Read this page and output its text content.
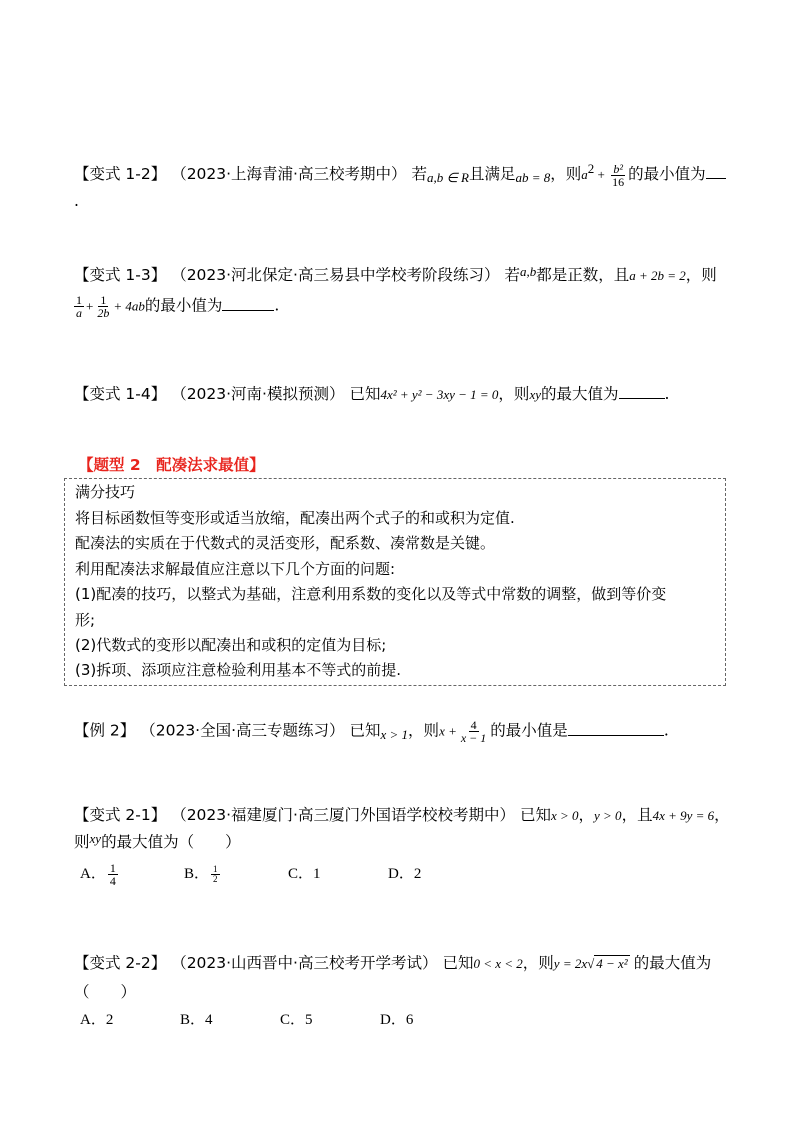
【变式 1-2】 （2023·上海青浦·高三校考期中） 若a,b ∈ R且满足ab = 8，则$a^2 + \frac{\text{b²}}{16}$ 的最小值为
.
【变式 1-3】 （2023·河北保定·高三易县中学校考阶段练习） 若$^{a,b}$都是正数，且a + 2b = 2，则
$\frac{1}{a} + \frac{1}{2b} + 4ab$的最小值为	.
【变式 1-4】 （2023·河南·模拟预测） 已知4x² + y² − 3xy − 1 = 0，则xy的最大值为	.
【题型 2　配凑法求最值】
满分技巧
将目标函数恒等变形或适当放缩，配凑出两个式子的和或积为定值.
配凑法的实质在于代数式的灵活变形，配系数、凑常数是关键。
利用配凑法求解最值应注意以下几个方面的问题:
(1)配凑的技巧，以整式为基础，注意利用系数的变化以及等式中常数的调整，做到等价变
形;
(2)代数式的变形以配凑出和或积的定值为目标;
(3)拆项、添项应注意检验利用基本不等式的前提.
【例 2】 （2023·全国·高三专题练习） 已知x > 1，则$x + \frac{4}{x - 1}$ 的最小值是	.
【变式 2-1】 （2023·福建厦门·高三厦门外国语学校校考期中） 已知x > 0，y > 0，且4x + 9y = 6，
则$^{xy}$的最大值为（　　）
A． $\frac{1}{4}$	B． $\frac{1}{2}$	C．1	D．2
【变式 2-2】 （2023·山西晋中·高三校考开学考试） 已知0 < x < 2，则y = 2x√ 4 − x² 的最大值为
（　　）
A．2	B．4	C．5	D．6
